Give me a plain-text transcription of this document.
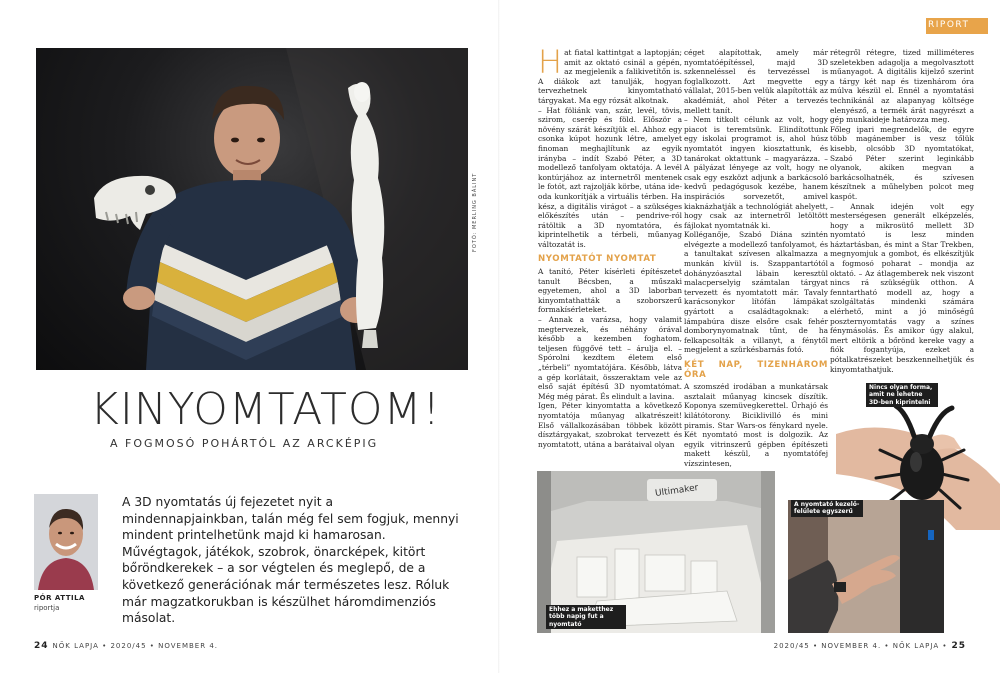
FOTÓ: MERLING BÁLINT
KINYOMTATOM!
A FOGMOSÓ POHÁRTÓL AZ ARCKÉPIG
PÓR ATTILA
riportja
A 3D nyomtatás új fejezetet nyit a mindennapjainkban, talán még fel sem fogjuk, mennyi mindent printelhetünk majd ki hamarosan. Művégtagok, játékok, szobrok, önarcképek, kitört bőröndkerekek – a sor végtelen és meglepő, de a következő generációnak már természetes lesz. Róluk már magzatkorukban is készülhet háromdimenziós másolat.
24 NŐK LAPJA • 2020/45 • NOVEMBER 4.
RIPORT

Hat fiatal kattintgat a laptopján; amit az oktató csinál a gépén, az megjelenik a falikivetítőn is. A diákok azt tanulják, hogyan tervezhetnek kinyomtatható tárgyakat. Ma egy rózsát alkotnak.

– Hat föliánk van, szár, levél, tövis, szirom, cserép és föld. Először a növény szárát készítjük el. Ahhoz egy csonka kúpot hozunk létre, amelyet finoman meghajlítunk az egyik irányba – indít Szabó Péter, a 3D modellező tanfolyam oktatója. A levél kontúrjához az internetről mentenek le fotót, azt rajzolják körbe, utána ide-oda kunkorítják a virtuális térben. Ha kész, a digitális virágot – a szükséges előkészítés után – pendrive-ról rátöltik a 3D nyomtatóra, és kiprintelhetik a térbeli, műanyag változatát is.

NYOMTATÓT NYOMTAT

A tanító, Péter kísérleti építészetet tanult Bécsben, a műszaki egyetemen, ahol a 3D laborban kinyomtathatták a szoborszerű formakísérleteket.

– Annak a varázsa, hogy valamit megtervezek, és néhány órával később a kezemben foghatom, teljesen függővé tett – árulja el. – Spórolni kezdtem életem első „térbeli” nyomtatójára. Később, látva a gép korlátait, összeraktam vele az első saját építésű 3D nyomtatómat. Még még párat. És elindult a lavina.

Igen, Péter kinyomtatta a következő nyomtatója műanyag alkatrészeit! Első vállalkozásában többek között dísztárgyakat, szobrokat tervezett és nyomtatott, utána a barátaival olyan

céget alapítottak, amely már nyomtatóépítéssel, majd 3D szkenneléssel és tervezéssel is foglalkozott. Azt megvette egy vállalat, 2015-ben velük alapították az akadémiát, ahol Péter a tervezés mellett tanít.

– Nem titkolt célunk az volt, hogy piacot is teremtsünk. Elindítottunk egy iskolai programot is, ahol húsz nyomtatót ingyen kiosztattunk, és tanárokat oktattunk – magyarázza. – A pályázat lényege az volt, hogy ne csak egy eszközt adjunk a barkácsoló kedvű pedagógusok kezébe, hanem inspirációs sorvezetőt, amivel kiaknázhatják a technológiát ahelyett, hogy csak az internetről letöltött fájlokat nyomtatnák ki.

Kolléganője, Szabó Diána szintén elvégezte a modellező tanfolyamot, és a tanultakat szívesen alkalmazza a munkán kívül is. Szappantartótól dohányzóasztal lábain keresztül malacperselyig számtalan tárgyat tervezett és nyomtatott már. Tavaly karácsonykor lítófán lámpákat gyártott a családtagoknak: a lámpabúra disze elsőre csak fehér domborynyomatnak tűnt, de ha felkapcsolták a villanyt, a fénytől megjelent a szürkésbarnás fotó.

KÉT NAP, TIZENHÁROM ÓRA

A szomszéd irodában a munkatársak asztalait műanyag kincsek díszítik. Koponya szemüvegkerettel. Űrhajó és kilátótorony. Biciklivilló és mini piramis. Star Wars-os fénykard nyele. Két nyomtató most is dolgozik. Az egyik vitrinszerű gépben építészeti makett készül, a nyomtatófej vízszintesen,

rétegről rétegre, tized milliméteres szeletekben adagolja a megolvasztott műanyagot. A digitális kijelző szerint a tárgy két nap és tizenhárom óra múlva készül el. Ennél a nyomtatási technikánál az alapanyag költsége elenyésző, a termék árát nagyrészt a gép munkaideje határozza meg.

Főleg ipari megrendelők, de egyre több magánember is vesz tőlük kisebb, olcsóbb 3D nyomtatókat, Szabó Péter szerint leginkább olyanok, akiken megvan a barkácsolhatnék, és szívesen készítnek a műhelyben polcot meg kaspót.

– Annak idején volt egy mesterségesen generált elképzelés, hogy a mikrosütő mellett 3D nyomtató is lesz minden háztartásban, és mint a Star Trekben, megnyomjuk a gombot, és elkészítjük a fogmosó poharat – mondja az oktató. – Az átlagemberek nek viszont nincs rá szükségük otthon. A fenntartható modell az, hogy a szolgáltatás mindenki számára elérhető, mint a jó minőségű poszternyomtatás vagy a színes fénymásolás. És amikor úgy alakul, mert eltörik a bőrönd kereke vagy a fiók fogantyúja, ezeket a pótalkatrészeket beszkennelhetjük és kinyomtathatjuk.

Nincs olyan forma, amit ne lehetne 3D-ben kiprintelni
Ultimaker
Ehhez a maketthez több napig fut a nyomtató
A nyomtató kezelő-felülete egyszerű
2020/45 • NOVEMBER 4. • NŐK LAPJA • 25
